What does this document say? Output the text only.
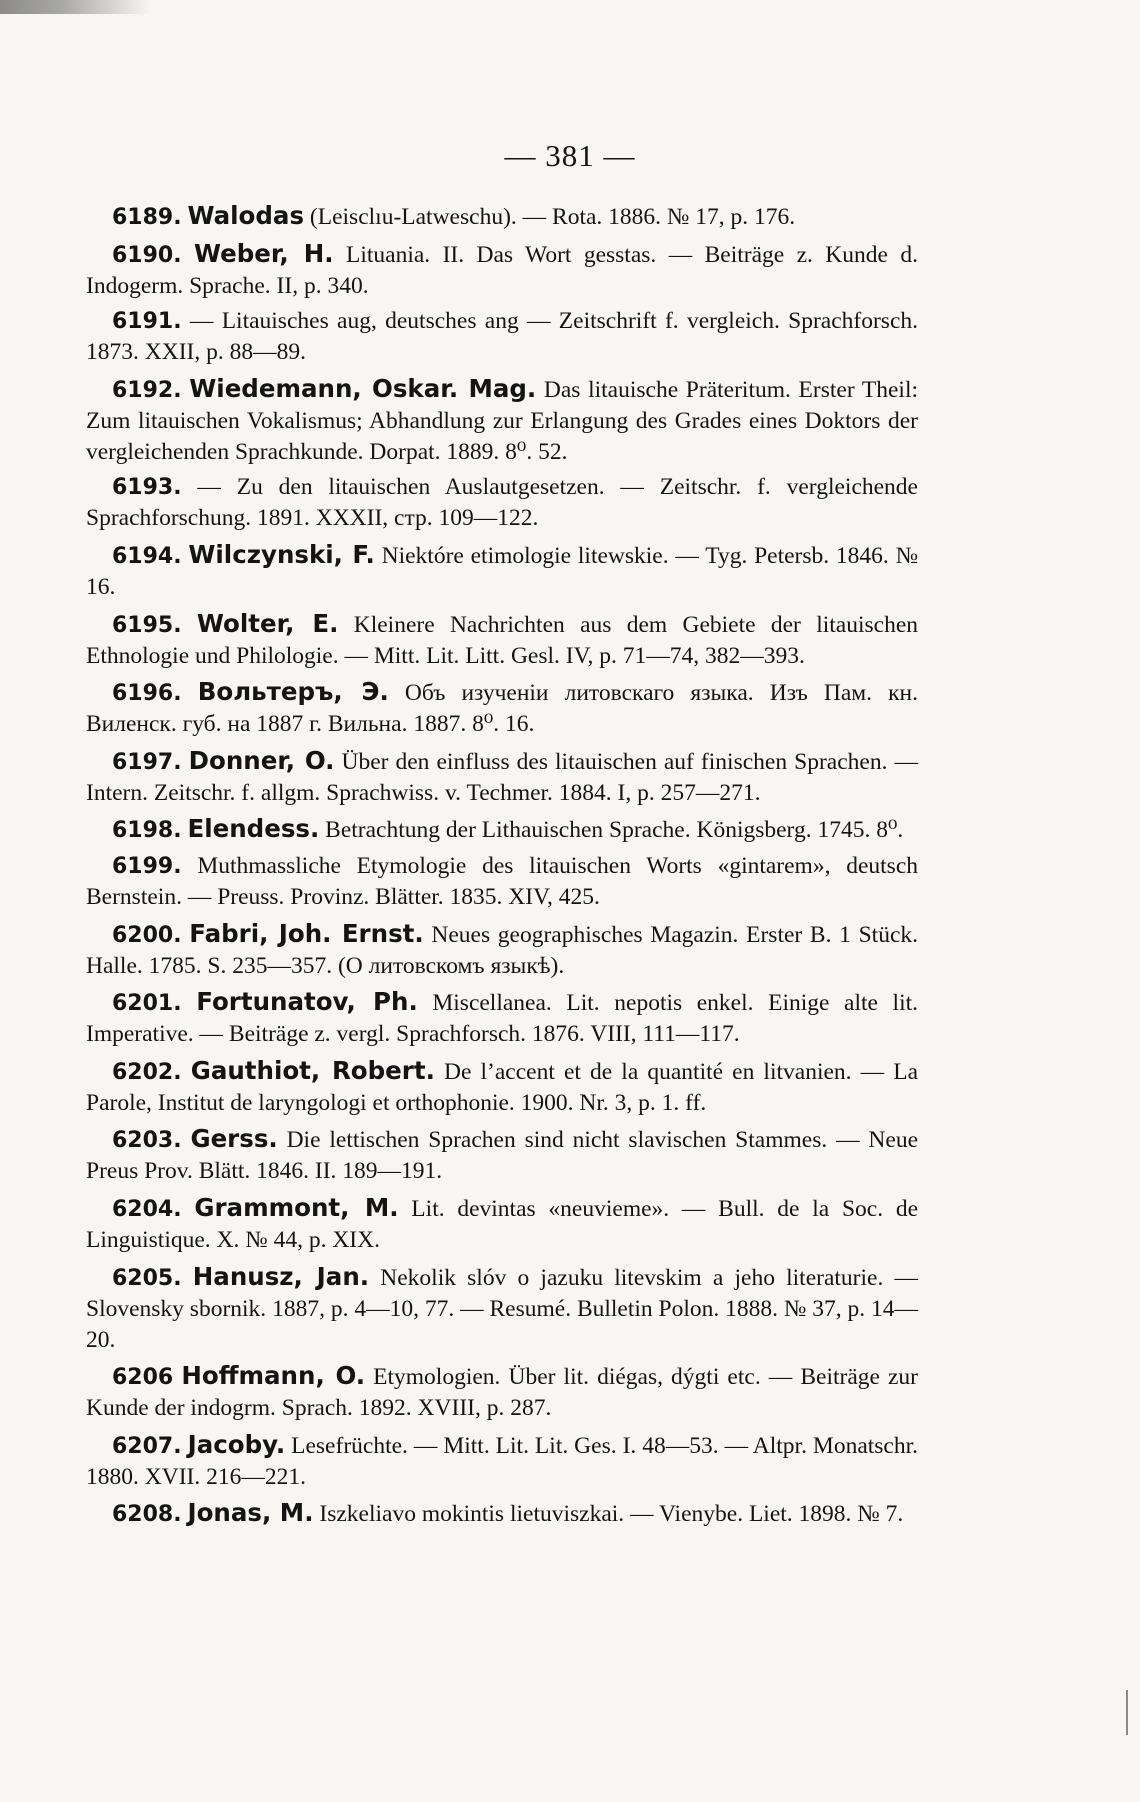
— 381 —

6189. Walodas (Leisclıu-Latweschu). — Rota. 1886. № 17, p. 176.

6190. Weber, H. Lituania. II. Das Wort gesstas. — Beiträge z. Kunde d. Indogerm. Sprache. II, p. 340.

6191. — Litauisches aug, deutsches ang — Zeitschrift f. vergleich. Sprachforsch. 1873. XXII, p. 88—89.

6192. Wiedemann, Oskar. Mag. Das litauische Präteritum. Erster Theil: Zum litauischen Vokalismus; Abhandlung zur Erlangung des Grades eines Doktors der vergleichenden Sprachkunde. Dorpat. 1889. 8⁰. 52.

6193. — Zu den litauischen Auslautgesetzen. — Zeitschr. f. vergleichende Sprachforschung. 1891. XXXII, стр. 109—122.

6194. Wilczynski, F. Niektóre etimologie litewskie. — Tyg. Petersb. 1846. № 16.

6195. Wolter, E. Kleinere Nachrichten aus dem Gebiete der litauischen Ethnologie und Philologie. — Mitt. Lit. Litt. Gesl. IV, p. 71—74, 382—393.

6196. Вольтеръ, Э. Объ изученіи литовскаго языка. Изъ Пам. кн. Виленск. губ. на 1887 г. Вильна. 1887. 8⁰. 16.

6197. Donner, O. Über den einfluss des litauischen auf finischen Sprachen. — Intern. Zeitschr. f. allgm. Sprachwiss. v. Techmer. 1884. I, p. 257—271.

6198. Elendess. Betrachtung der Lithauischen Sprache. Königsberg. 1745. 8⁰.

6199. Muthmassliche Etymologie des litauischen Worts «gintarem», deutsch Bernstein. — Preuss. Provinz. Blätter. 1835. XIV, 425.

6200. Fabri, Joh. Ernst. Neues geographisches Magazin. Erster B. 1 Stück. Halle. 1785. S. 235—357. (О литовскомъ языкѣ).

6201. Fortunatov, Ph. Miscellanea. Lit. nepotis enkel. Einige alte lit. Imperative. — Beiträge z. vergl. Sprachforsch. 1876. VIII, 111—117.

6202. Gauthiot, Robert. De l’accent et de la quantité en litvanien. — La Parole, Institut de laryngologi et orthophonie. 1900. Nr. 3, p. 1. ff.

6203. Gerss. Die lettischen Sprachen sind nicht slavischen Stammes. — Neue Preus Prov. Blätt. 1846. II. 189—191.

6204. Grammont, M. Lit. devintas «neuvieme». — Bull. de la Soc. de Linguistique. X. № 44, p. XIX.

6205. Hanusz, Jan. Nekolik slóv o jazuku litevskim a jeho literaturie. — Slovensky sbornik. 1887, p. 4—10, 77. — Resumé. Bulletin Polon. 1888. № 37, p. 14—20.

6206 Hoffmann, O. Etymologien. Über lit. diégas, dýgti etc. — Beiträge zur Kunde der indogrm. Sprach. 1892. XVIII, p. 287.

6207. Jacoby. Lesefrüchte. — Mitt. Lit. Lit. Ges. I. 48—53. — Altpr. Monatschr. 1880. XVII. 216—221.

6208. Jonas, M. Iszkeliavo mokintis lietuviszkai. — Vienybe. Liet. 1898. № 7.
